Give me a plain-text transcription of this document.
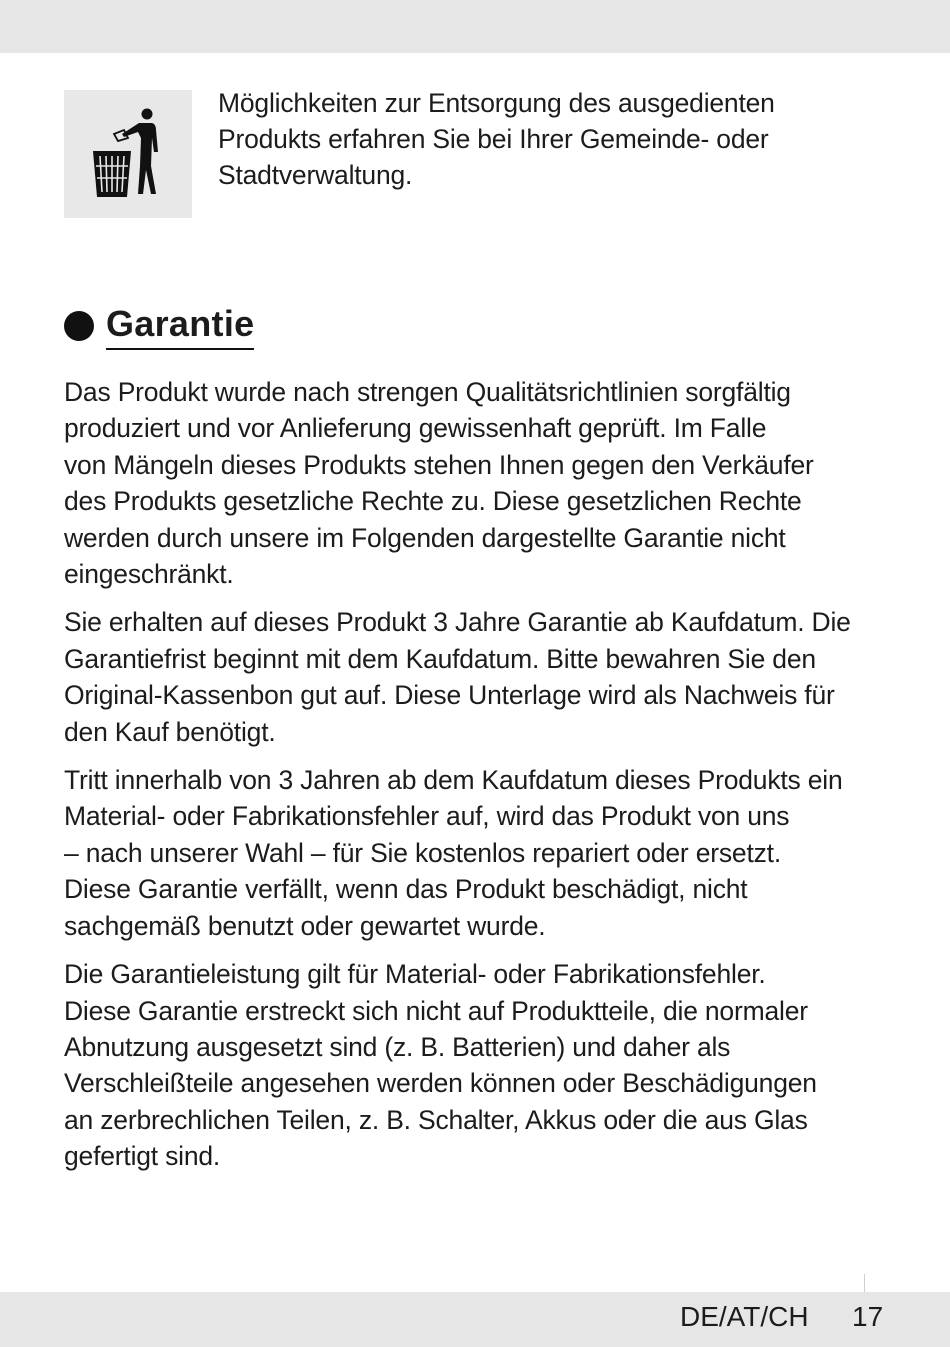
Möglichkeiten zur Entsorgung des ausgedienten
Produkts erfahren Sie bei Ihrer Gemeinde- oder
Stadtverwaltung.

Garantie

Das Produkt wurde nach strengen Qualitätsrichtlinien sorgfältig
produziert und vor Anlieferung gewissenhaft geprüft. Im Falle
von Mängeln dieses Produkts stehen Ihnen gegen den Verkäufer
des Produkts gesetzliche Rechte zu. Diese gesetzlichen Rechte
werden durch unsere im Folgenden dargestellte Garantie nicht
eingeschränkt.

Sie erhalten auf dieses Produkt 3 Jahre Garantie ab Kaufdatum. Die
Garantiefrist beginnt mit dem Kaufdatum. Bitte bewahren Sie den
Original-Kassenbon gut auf. Diese Unterlage wird als Nachweis für
den Kauf benötigt.

Tritt innerhalb von 3 Jahren ab dem Kaufdatum dieses Produkts ein
Material- oder Fabrikationsfehler auf, wird das Produkt von uns
– nach unserer Wahl – für Sie kostenlos repariert oder ersetzt.
Diese Garantie verfällt, wenn das Produkt beschädigt, nicht
sachgemäß benutzt oder gewartet wurde.

Die Garantieleistung gilt für Material- oder Fabrikationsfehler.
Diese Garantie erstreckt sich nicht auf Produktteile, die normaler
Abnutzung ausgesetzt sind (z. B. Batterien) und daher als
Verschleißteile angesehen werden können oder Beschädigungen
an zerbrechlichen Teilen, z. B. Schalter, Akkus oder die aus Glas
gefertigt sind.

DE/AT/CH 17
